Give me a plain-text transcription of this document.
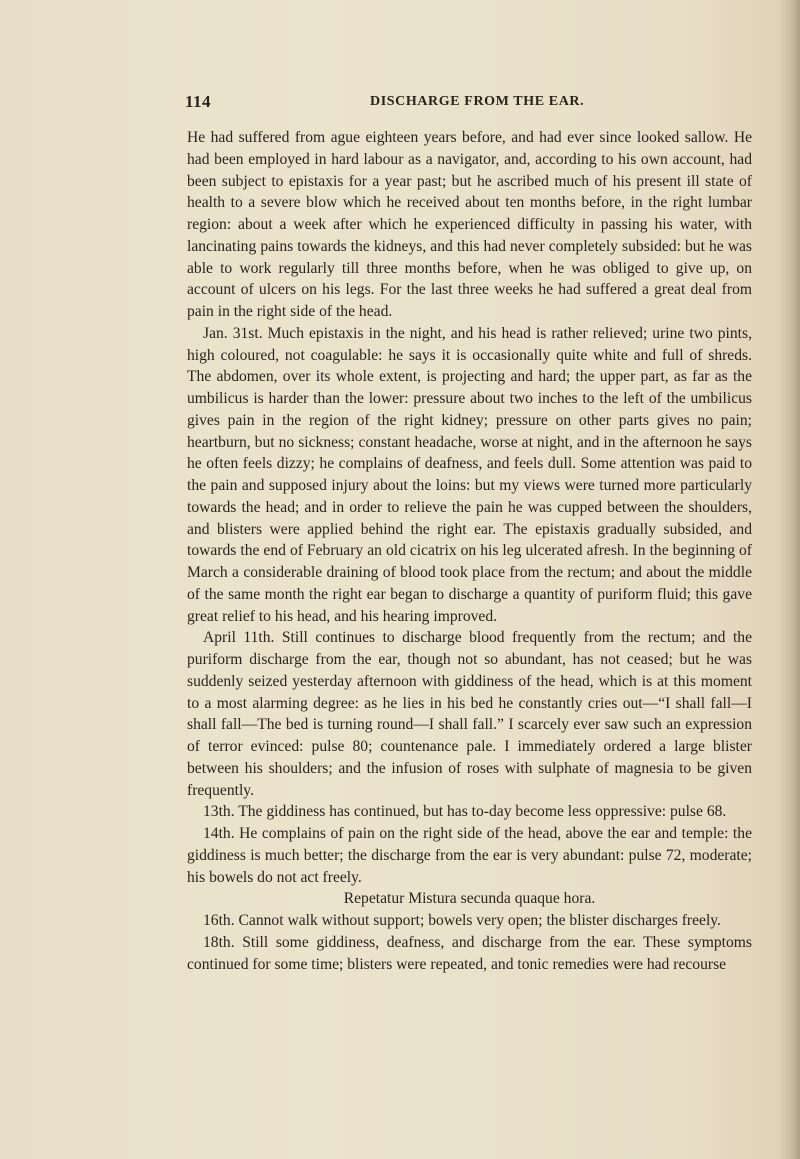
114	DISCHARGE FROM THE EAR.

He had suffered from ague eighteen years before, and had ever since looked sallow. He had been employed in hard labour as a navigator, and, according to his own account, had been subject to epistaxis for a year past; but he ascribed much of his present ill state of health to a severe blow which he received about ten months before, in the right lumbar region: about a week after which he experienced difficulty in passing his water, with lancinating pains towards the kidneys, and this had never completely subsided: but he was able to work regularly till three months before, when he was obliged to give up, on account of ulcers on his legs. For the last three weeks he had suffered a great deal from pain in the right side of the head.

Jan. 31st. Much epistaxis in the night, and his head is rather relieved; urine two pints, high coloured, not coagulable: he says it is occasionally quite white and full of shreds. The abdomen, over its whole extent, is projecting and hard; the upper part, as far as the umbilicus is harder than the lower: pressure about two inches to the left of the umbilicus gives pain in the region of the right kidney; pressure on other parts gives no pain; heartburn, but no sickness; constant headache, worse at night, and in the afternoon he says he often feels dizzy; he complains of deafness, and feels dull. Some attention was paid to the pain and supposed injury about the loins: but my views were turned more particularly towards the head; and in order to relieve the pain he was cupped between the shoulders, and blisters were applied behind the right ear. The epistaxis gradually subsided, and towards the end of February an old cicatrix on his leg ulcerated afresh. In the beginning of March a considerable draining of blood took place from the rectum; and about the middle of the same month the right ear began to discharge a quantity of puriform fluid; this gave great relief to his head, and his hearing improved.

April 11th. Still continues to discharge blood frequently from the rectum; and the puriform discharge from the ear, though not so abundant, has not ceased; but he was suddenly seized yesterday afternoon with giddiness of the head, which is at this moment to a most alarming degree: as he lies in his bed he constantly cries out—“I shall fall—I shall fall—The bed is turning round—I shall fall.” I scarcely ever saw such an expression of terror evinced: pulse 80; countenance pale. I immediately ordered a large blister between his shoulders; and the infusion of roses with sulphate of magnesia to be given frequently.

13th. The giddiness has continued, but has to-day become less oppressive: pulse 68.

14th. He complains of pain on the right side of the head, above the ear and temple: the giddiness is much better; the discharge from the ear is very abundant: pulse 72, moderate; his bowels do not act freely.

Repetatur Mistura secunda quaque hora.

16th. Cannot walk without support; bowels very open; the blister discharges freely.

18th. Still some giddiness, deafness, and discharge from the ear. These symptoms continued for some time; blisters were repeated, and tonic remedies were had recourse
